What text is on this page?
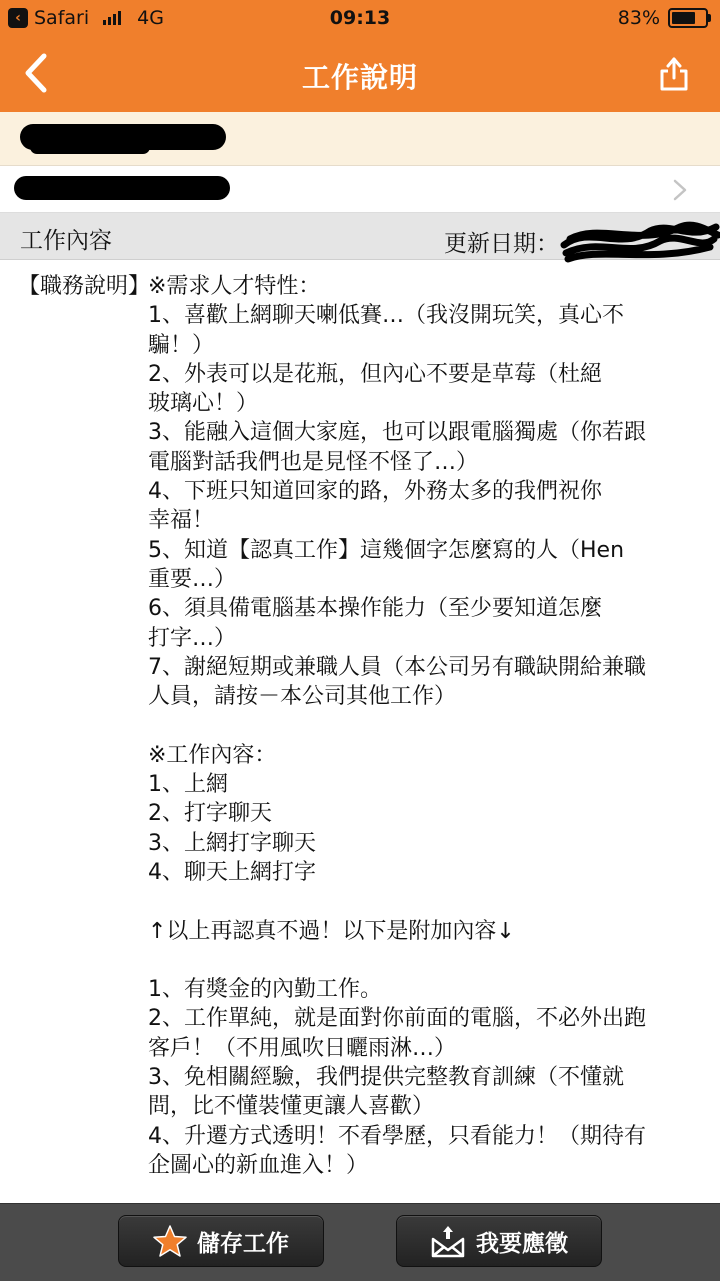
‹ Safari	4G	09:13	83%
工作說明
工作內容	更新日期：
【職務說明】
※需求人才特性：
1、喜歡上網聊天喇低賽…（我沒開玩笑，真心不
騙！）
2、外表可以是花瓶，但內心不要是草莓（杜絕
玻璃心！）
3、能融入這個大家庭，也可以跟電腦獨處（你若跟
電腦對話我們也是見怪不怪了…）
4、下班只知道回家的路，外務太多的我們祝你
幸福！
5、知道【認真工作】這幾個字怎麼寫的人（Hen
重要…）
6、須具備電腦基本操作能力（至少要知道怎麼
打字…）
7、謝絕短期或兼職人員（本公司另有職缺開給兼職
人員，請按－本公司其他工作）
※工作內容：
1、上網
2、打字聊天
3、上網打字聊天
4、聊天上網打字
↑以上再認真不過！以下是附加內容↓
1、有獎金的內勤工作。
2、工作單純，就是面對你前面的電腦，不必外出跑
客戶！（不用風吹日曬雨淋…）
3、免相關經驗，我們提供完整教育訓練（不懂就
問，比不懂裝懂更讓人喜歡）
4、升遷方式透明！不看學歷，只看能力！（期待有
企圖心的新血進入！）
儲存工作	我要應徵
